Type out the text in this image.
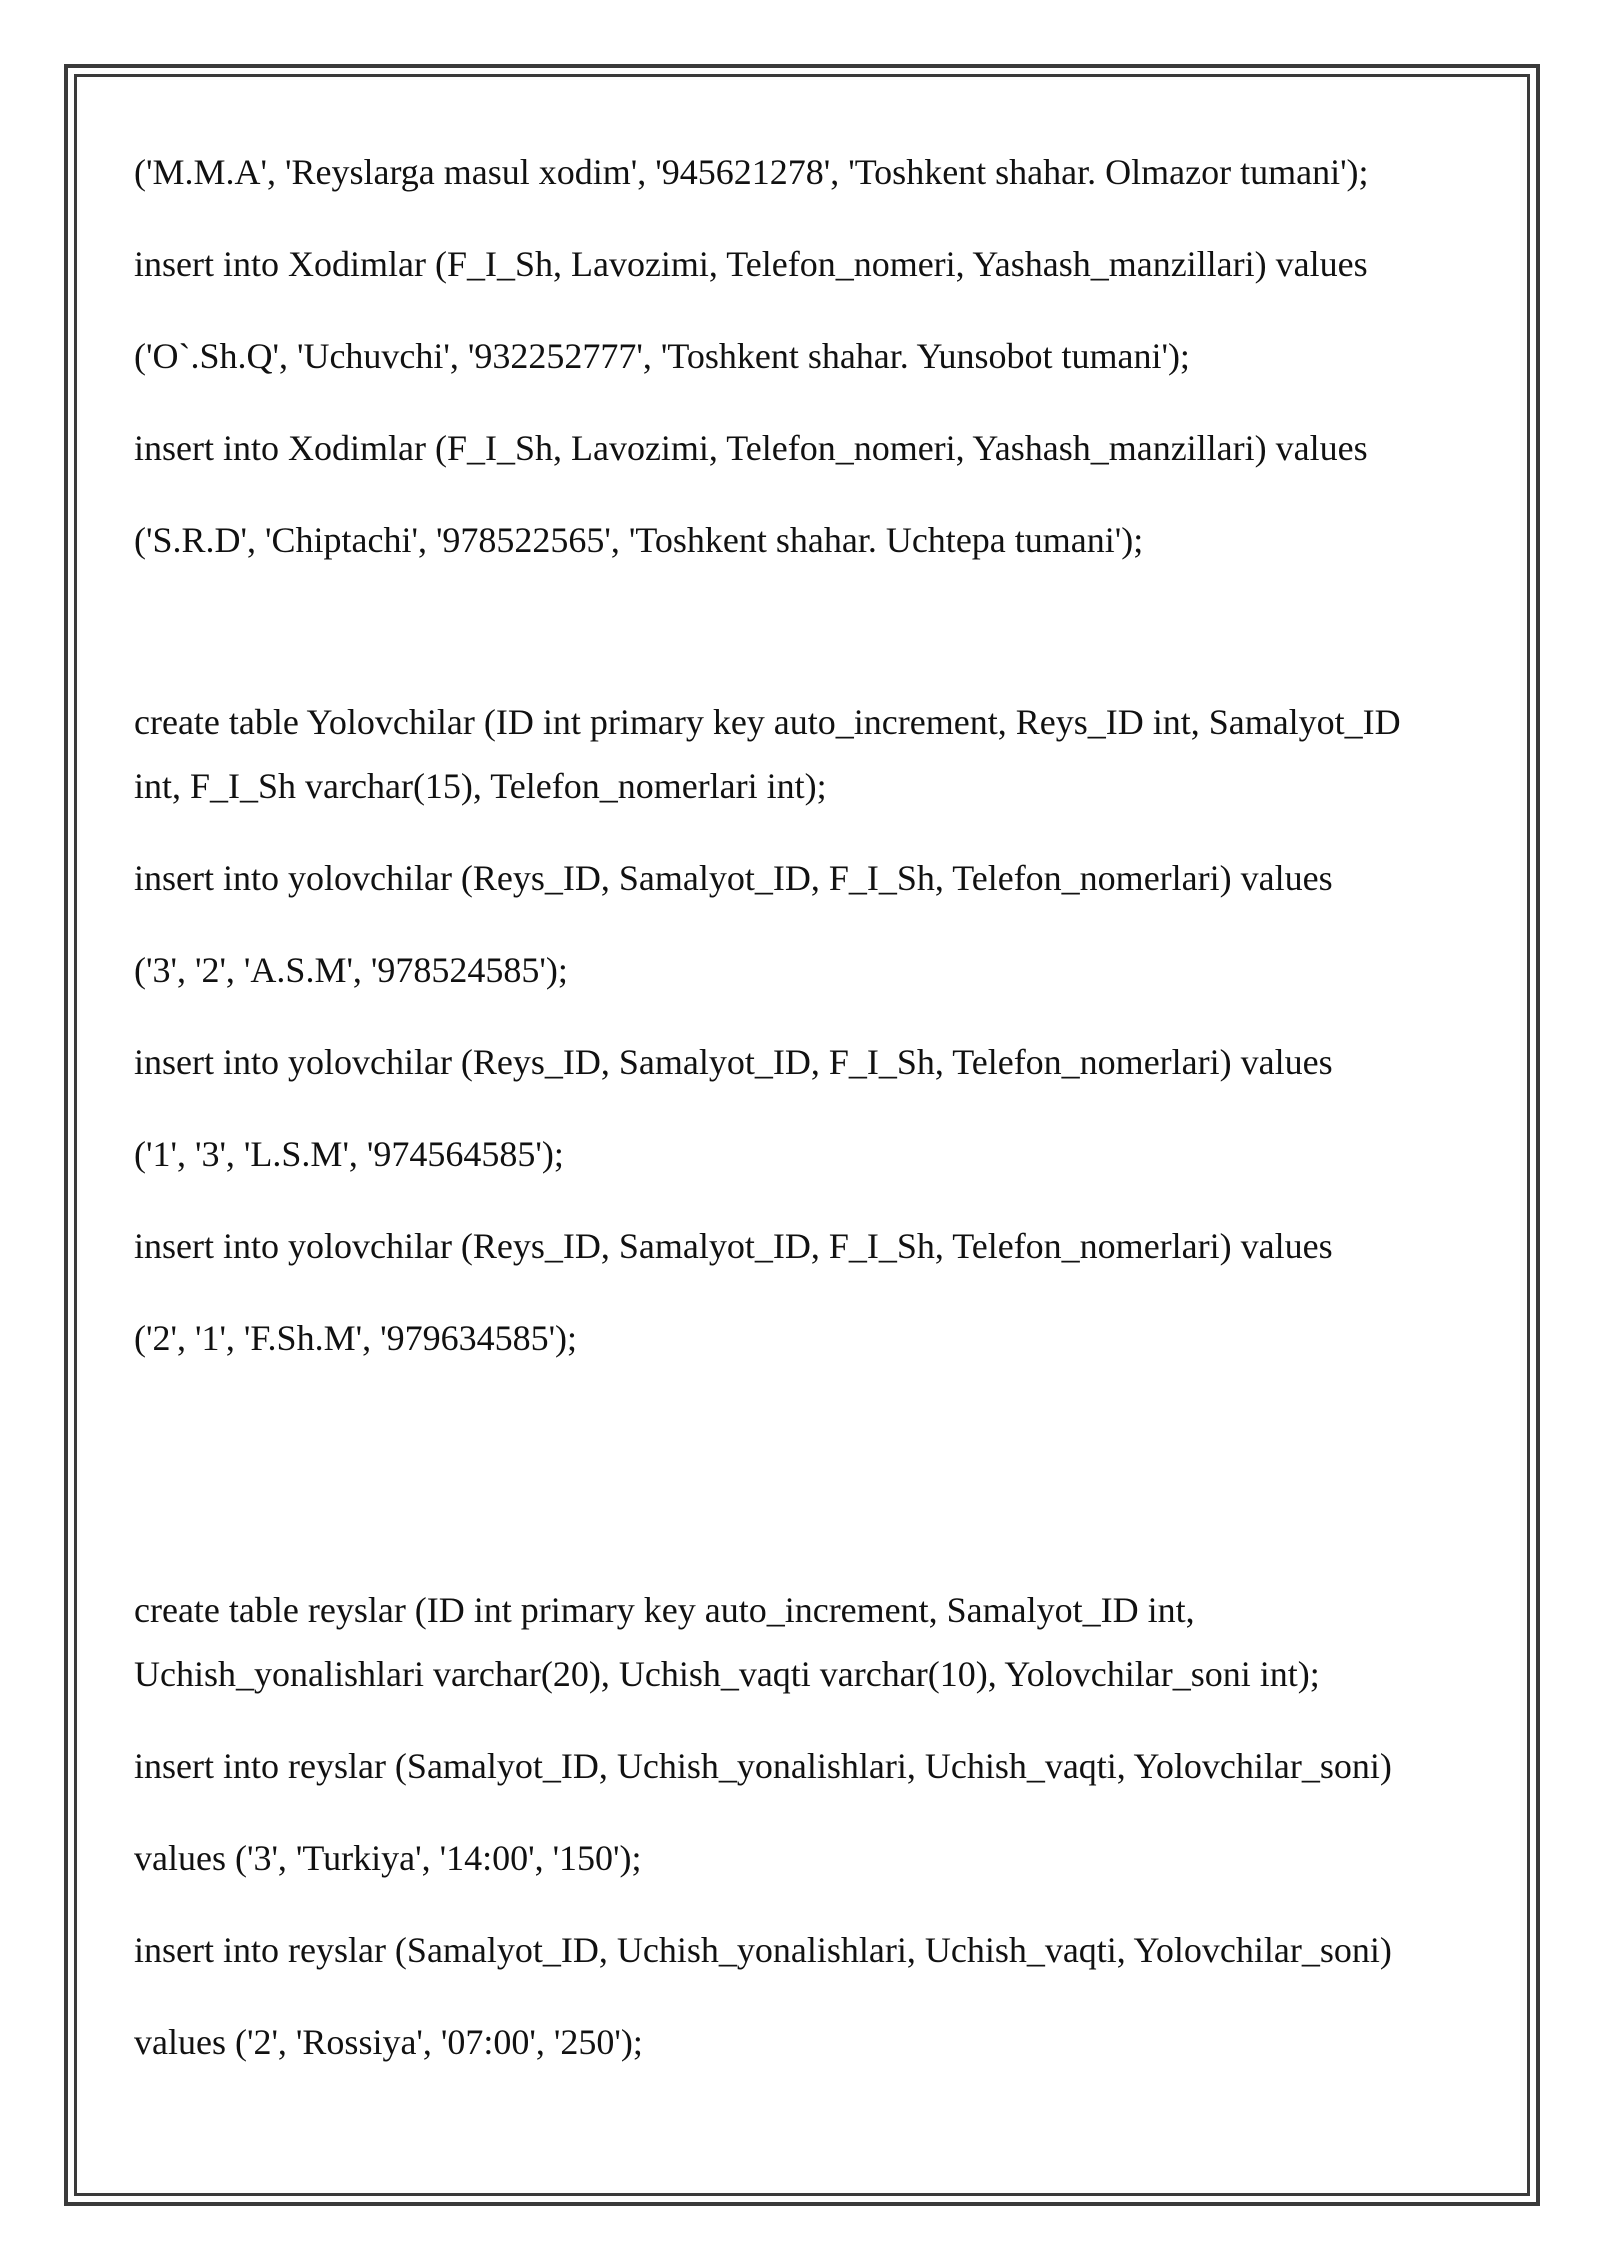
('M.M.A', 'Reyslarga masul xodim', '945621278', 'Toshkent shahar. Olmazor tumani');

insert into Xodimlar (F_I_Sh, Lavozimi, Telefon_nomeri, Yashash_manzillari) values

('O`.Sh.Q', 'Uchuvchi', '932252777', 'Toshkent shahar. Yunsobot tumani');

insert into Xodimlar (F_I_Sh, Lavozimi, Telefon_nomeri, Yashash_manzillari) values

('S.R.D', 'Chiptachi', '978522565', 'Toshkent shahar. Uchtepa tumani');

create table Yolovchilar (ID int primary key auto_increment, Reys_ID int, Samalyot_ID

int, F_I_Sh varchar(15), Telefon_nomerlari int);

insert into yolovchilar (Reys_ID, Samalyot_ID, F_I_Sh, Telefon_nomerlari) values

('3', '2', 'A.S.M', '978524585');

insert into yolovchilar (Reys_ID, Samalyot_ID, F_I_Sh, Telefon_nomerlari) values

('1', '3', 'L.S.M', '974564585');

insert into yolovchilar (Reys_ID, Samalyot_ID, F_I_Sh, Telefon_nomerlari) values

('2', '1', 'F.Sh.M', '979634585');

create table reyslar (ID int primary key auto_increment, Samalyot_ID int,

Uchish_yonalishlari varchar(20), Uchish_vaqti varchar(10), Yolovchilar_soni int);

insert into reyslar (Samalyot_ID, Uchish_yonalishlari, Uchish_vaqti, Yolovchilar_soni)

values ('3', 'Turkiya', '14:00', '150');

insert into reyslar (Samalyot_ID, Uchish_yonalishlari, Uchish_vaqti, Yolovchilar_soni)

values ('2', 'Rossiya', '07:00', '250');
